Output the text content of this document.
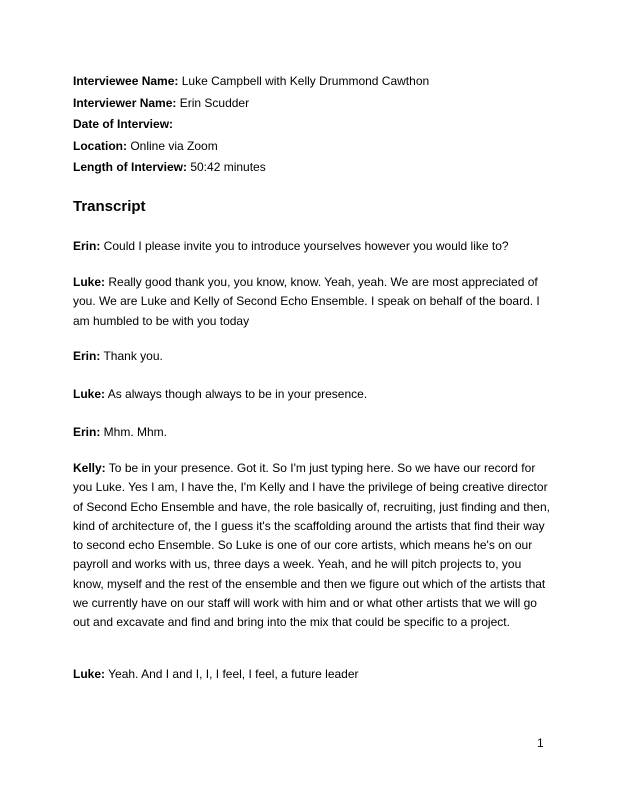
Interviewee Name: Luke Campbell with Kelly Drummond Cawthon
Interviewer Name: Erin Scudder
Date of Interview:
Location: Online via Zoom
Length of Interview: 50:42 minutes
Transcript

Erin: Could I please invite you to introduce yourselves however you would like to?

Luke: Really good thank you, you know, know. Yeah, yeah. We are most appreciated of you. We are Luke and Kelly of Second Echo Ensemble. I speak on behalf of the board. I am humbled to be with you today

Erin: Thank you.

Luke: As always though always to be in your presence.

Erin: Mhm. Mhm.

Kelly: To be in your presence. Got it. So I'm just typing here. So we have our record for you Luke. Yes I am, I have the, I'm Kelly and I have the privilege of being creative director of Second Echo Ensemble and have, the role basically of, recruiting, just finding and then, kind of architecture of, the I guess it's the scaffolding around the artists that find their way to second echo Ensemble. So Luke is one of our core artists, which means he's on our payroll and works with us, three days a week. Yeah, and he will pitch projects to, you know, myself and the rest of the ensemble and then we figure out which of the artists that we currently have on our staff will work with him and or what other artists that we will go out and excavate and find and bring into the mix that could be specific to a project.

Luke: Yeah. And I and I, I, I feel, I feel, a future leader

1
